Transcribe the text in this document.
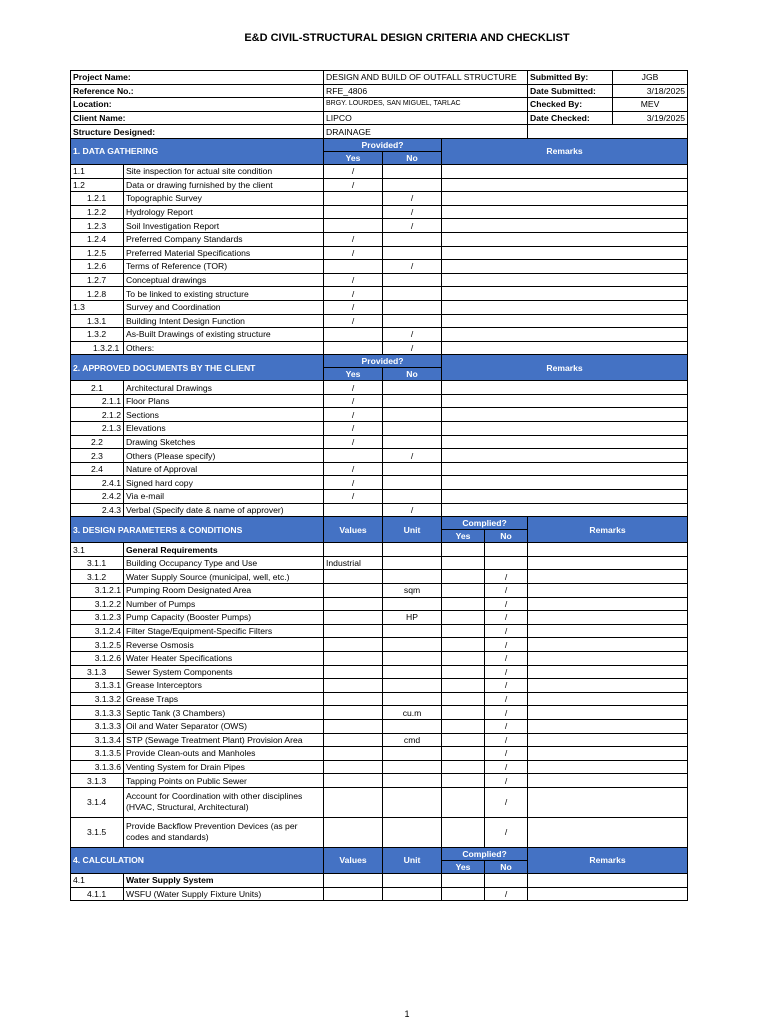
E&D CIVIL-STRUCTURAL DESIGN CRITERIA AND CHECKLIST
Project Name:		DESIGN AND BUILD OF OUTFALL STRUCTURE				Submitted By:	JGB
Reference No.:		RFE_4806				Date Submitted:	3/18/2025
Location:		BRGY. LOURDES, SAN MIGUEL, TARLAC				Checked By:	MEV
Client Name:		LIPCO				Date Checked:	3/19/2025
Structure Designed:		DRAINAGE					
1. DATA GATHERING		Provided?		Remarks			
		Yes	No				
1.1	Site inspection for actual site condition	/					
1.2	Data or drawing furnished by the client	/					
1.2.1	Topographic Survey		/				
1.2.2	Hydrology Report		/				
1.2.3	Soil Investigation Report		/				
1.2.4	Preferred Company Standards	/					
1.2.5	Preferred Material Specifications	/					
1.2.6	Terms of Reference (TOR)		/				
1.2.7	Conceptual drawings	/					
1.2.8	To be linked to existing structure	/					
1.3	Survey and Coordination	/					
1.3.1	Building Intent Design Function	/					
1.3.2	As-Built Drawings of existing structure		/				
1.3.2.1	Others:		/				
2. APPROVED DOCUMENTS BY THE CLIENT		Provided?		Remarks			
		Yes	No				
2.1	Architectural Drawings	/					
2.1.1	Floor Plans	/					
2.1.2	Sections	/					
2.1.3	Elevations	/					
2.2	Drawing Sketches	/					
2.3	Others (Please specify)		/				
2.4	Nature of Approval	/					
2.4.1	Signed hard copy	/					
2.4.2	Via e-mail	/					
2.4.3	Verbal (Specify date & name of approver)		/				
3. DESIGN PARAMETERS & CONDITIONS		Values	Unit	Complied?		Remarks	
				Yes	No		
3.1	General Requirements						
3.1.1	Building Occupancy Type and Use	Industrial					
3.1.2	Water Supply Source (municipal, well, etc.)				/		
3.1.2.1	Pumping Room Designated Area		sqm		/		
3.1.2.2	Number of Pumps				/		
3.1.2.3	Pump Capacity (Booster Pumps)		HP		/		
3.1.2.4	Filter Stage/Equipment-Specific Filters				/		
3.1.2.5	Reverse Osmosis				/		
3.1.2.6	Water Heater Specifications				/		
3.1.3	Sewer System Components				/		
3.1.3.1	Grease Interceptors				/		
3.1.3.2	Grease Traps				/		
3.1.3.3	Septic Tank (3 Chambers)		cu.m		/		
3.1.3.3	Oil and Water Separator (OWS)				/		
3.1.3.4	STP (Sewage Treatment Plant) Provision Area		cmd		/		
3.1.3.5	Provide Clean-outs and Manholes				/		
3.1.3.6	Venting System for Drain Pipes				/		
3.1.3	Tapping Points on Public Sewer				/		
3.1.4	Account for Coordination with other disciplines (HVAC, Structural, Architectural)				/		
3.1.5	Provide Backflow Prevention Devices (as per codes and standards)				/		
4. CALCULATION		Values	Unit	Complied?		Remarks	
				Yes	No		
4.1	Water Supply System						
4.1.1	WSFU (Water Supply Fixture Units)				/		
1
